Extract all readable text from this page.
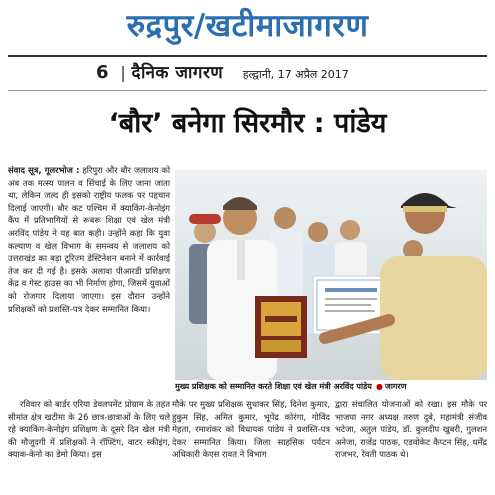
रुद्रपुर/खटीमाजागरण
6 | दैनिक जागरण हल्द्वानी, 17 अप्रैल 2017
‘बौर’ बनेगा सिरमौर : पांडेय

संवाद सूत्र, गूलरभोज : हरिपुरा और बौर जलाशय को अब तक मत्स्य पालन व सिंचाई के लिए जाना जाता था, लेकिन जल्द ही इसको राष्ट्रीय फलक पर पहचान दिलाई जाएगी। बौर कट पश्चिम में क्याकिंग-केनोइंग कैंप में प्रतिभागियों से रूबरू शिक्षा एवं खेल मंत्री अरविंद पांडेय ने यह बात कही। उन्होंने कहा कि युवा कल्याण व खेल विभाग के समन्वय से जलाशय को उत्तराखंड का बड़ा टूरिज्म डेस्टिनेशन बनाने में कार्रवाई तेज कर दी गई है। इसके अलावा पीआरडी प्रशिक्षण केंद्र व गेस्ट हाउस का भी निर्माण होगा, जिसमें युवाओं को रोजगार दिलाया जाएगा। इस दौरान उन्होंने प्रशिक्षकों को प्रशस्ति-पत्र देकर सम्मानित किया।

रविवार को बार्डर एरिया डेवलपमेंट प्रोग्राम के तहत सीमांत क्षेत्र खटीमा के 26 छात्र-छात्राओं के लिए चले रहे क्याकिंग-केनोइंग प्रशिक्षण के दूसरे दिन खेल मंत्री की मौजूदगी में प्रशिक्षकों ने रॉफ्टिंग, वाटर स्कीइंग, क्याक-केनो का डेमो किया। इस
मौके पर मुख्य प्रशिक्षक सुधाकर सिंह, दिनेश कुमार, हुकुम सिंह, अमित कुमार, भूपेंद्र कोरंगा, गोविंद मेहता, रमाशंकर को विधायक पांडेय ने प्रशस्ति-पत्र देकर सम्मानित किया। जिला साहसिक पर्यटन अधिकारी केएस रावत ने विभाग
द्वारा संचालित योजनाओं को रखा। इस मौके पर भाजपा नगर अध्यक्ष तरुण दुबे, महामंत्री संजीव भटेजा, अतुल पांडेय, डॉ. कुलदीप खुबरी, गुलशन अनेजा, राजेंद्र पाठक, एडवोकेट कैप्टन सिंह, धर्मेंद्र राजभर, रेवती पाठक थे।
मुख्य प्रशिक्षक को सम्मानित करते शिक्षा एवं खेल मंत्री अरविंद पांडेय ● जागरण
